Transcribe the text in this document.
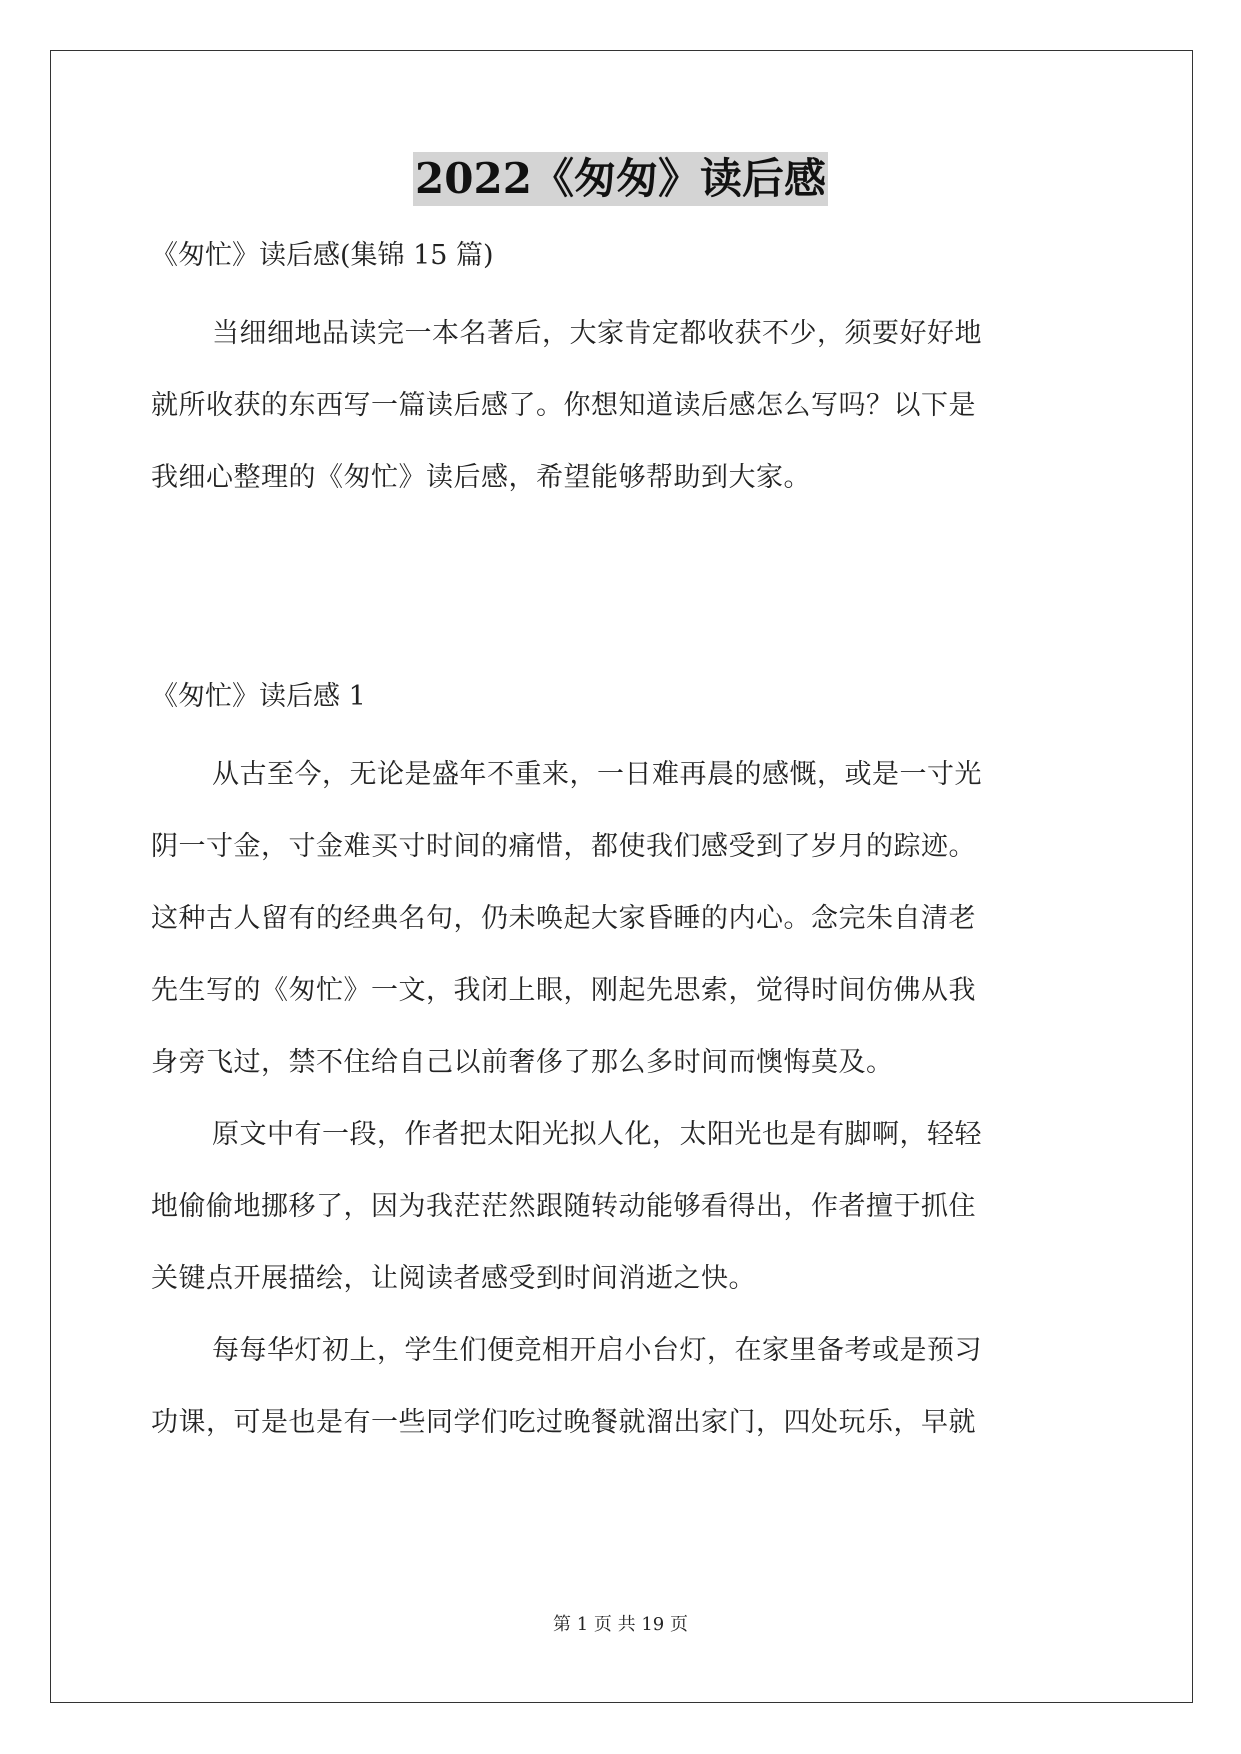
2022《匆匆》读后感
《匆忙》读后感(集锦 15 篇)
当细细地品读完一本名著后，大家肯定都收获不少，须要好好地
就所收获的东西写一篇读后感了。你想知道读后感怎么写吗？以下是
我细心整理的《匆忙》读后感，希望能够帮助到大家。
《匆忙》读后感 1
从古至今，无论是盛年不重来，一日难再晨的感慨，或是一寸光
阴一寸金，寸金难买寸时间的痛惜，都使我们感受到了岁月的踪迹。
这种古人留有的经典名句，仍未唤起大家昏睡的内心。念完朱自清老
先生写的《匆忙》一文，我闭上眼，刚起先思索，觉得时间仿佛从我
身旁飞过，禁不住给自己以前奢侈了那么多时间而懊悔莫及。
原文中有一段，作者把太阳光拟人化，太阳光也是有脚啊，轻轻
地偷偷地挪移了，因为我茫茫然跟随转动能够看得出，作者擅于抓住
关键点开展描绘，让阅读者感受到时间消逝之快。
每每华灯初上，学生们便竞相开启小台灯，在家里备考或是预习
功课，可是也是有一些同学们吃过晚餐就溜出家门，四处玩乐，早就
第 1 页 共 19 页
